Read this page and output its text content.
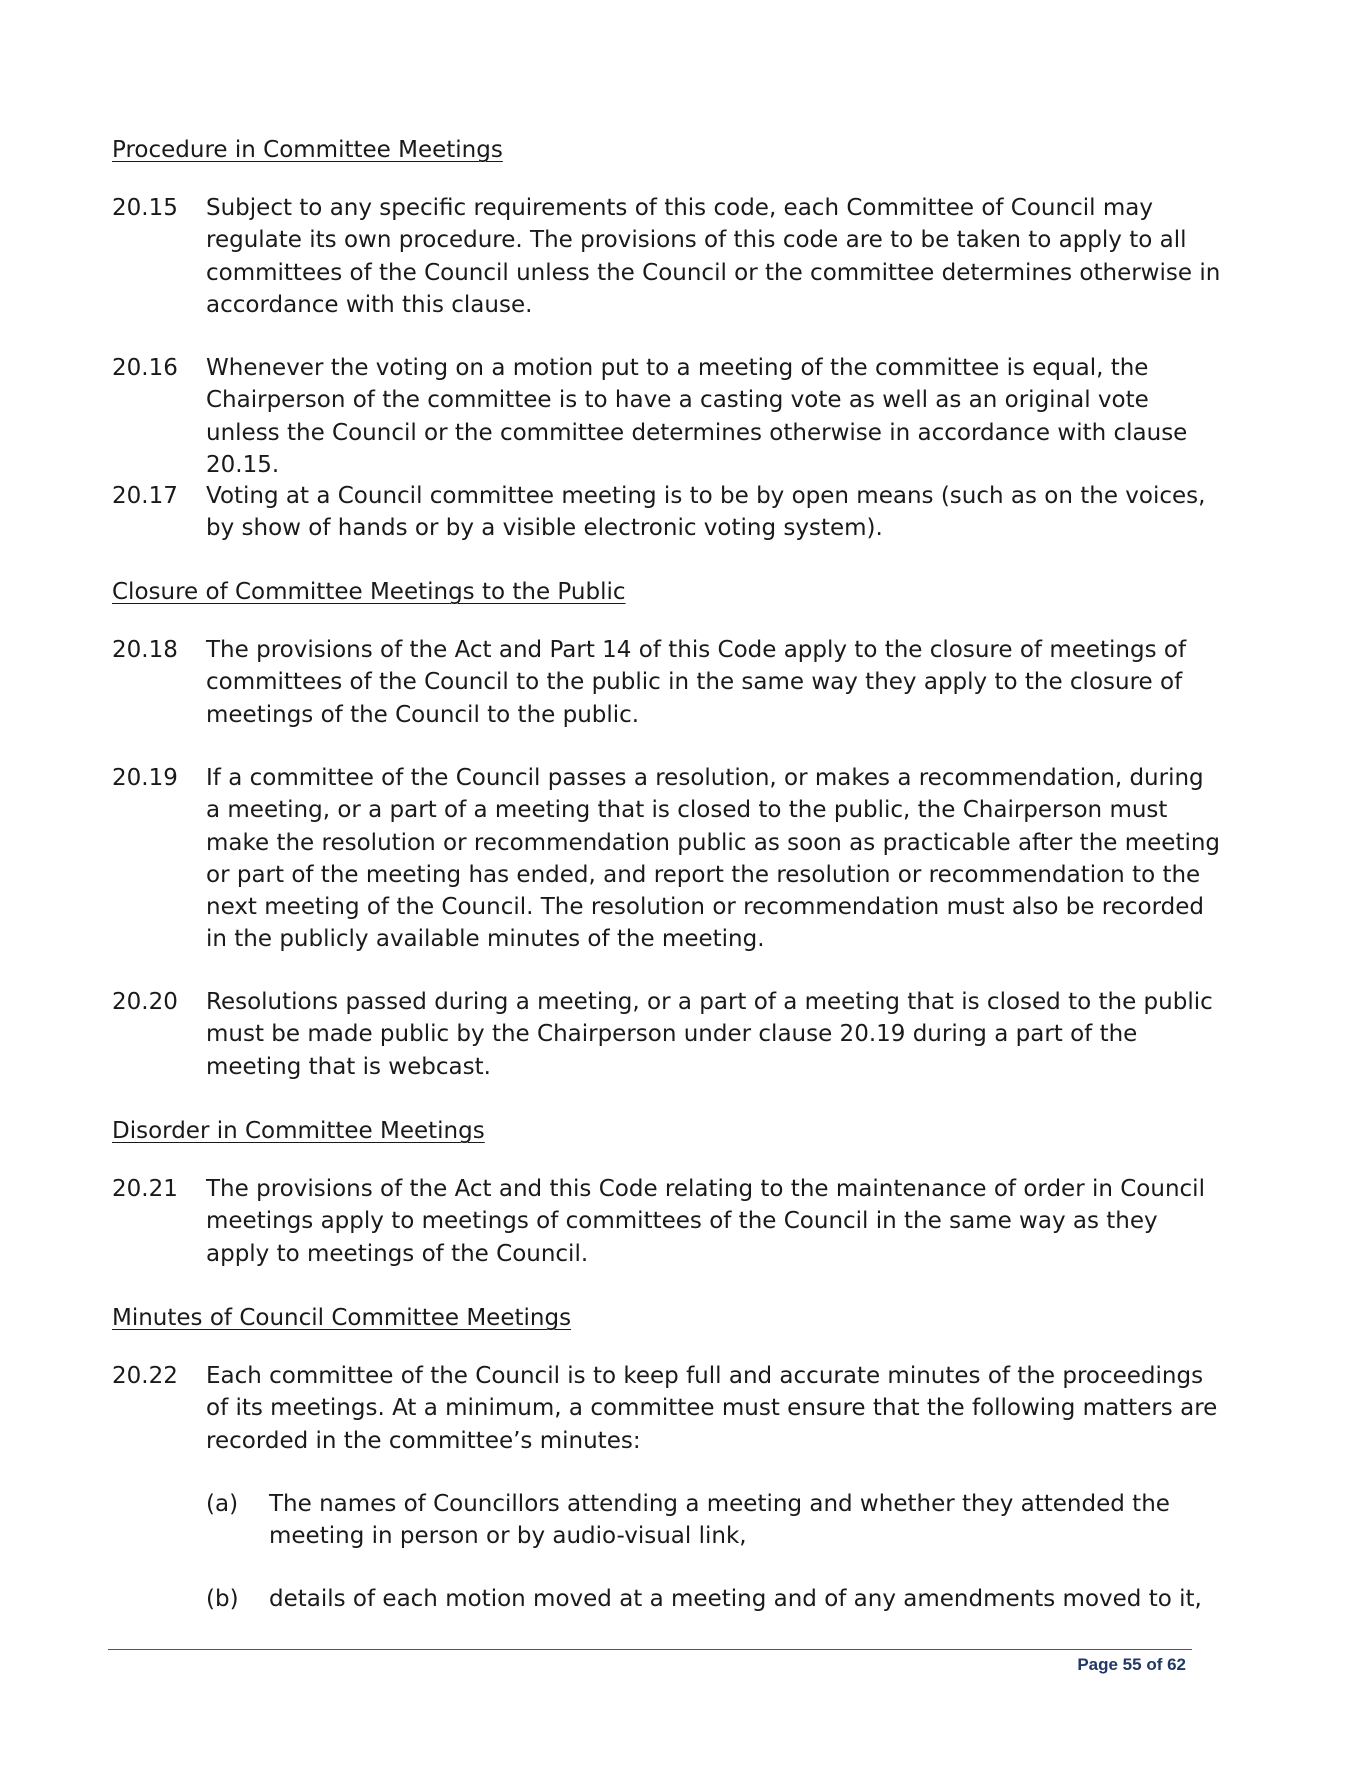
Procedure in Committee Meetings
20.15 Subject to any specific requirements of this code, each Committee of Council may regulate its own procedure. The provisions of this code are to be taken to apply to all committees of the Council unless the Council or the committee determines otherwise in accordance with this clause.
20.16 Whenever the voting on a motion put to a meeting of the committee is equal, the Chairperson of the committee is to have a casting vote as well as an original vote unless the Council or the committee determines otherwise in accordance with clause 20.15.
20.17 Voting at a Council committee meeting is to be by open means (such as on the voices, by show of hands or by a visible electronic voting system).
Closure of Committee Meetings to the Public
20.18 The provisions of the Act and Part 14 of this Code apply to the closure of meetings of committees of the Council to the public in the same way they apply to the closure of meetings of the Council to the public.
20.19 If a committee of the Council passes a resolution, or makes a recommendation, during a meeting, or a part of a meeting that is closed to the public, the Chairperson must make the resolution or recommendation public as soon as practicable after the meeting or part of the meeting has ended, and report the resolution or recommendation to the next meeting of the Council. The resolution or recommendation must also be recorded in the publicly available minutes of the meeting.
20.20 Resolutions passed during a meeting, or a part of a meeting that is closed to the public must be made public by the Chairperson under clause 20.19 during a part of the meeting that is webcast.
Disorder in Committee Meetings
20.21 The provisions of the Act and this Code relating to the maintenance of order in Council meetings apply to meetings of committees of the Council in the same way as they apply to meetings of the Council.
Minutes of Council Committee Meetings
20.22 Each committee of the Council is to keep full and accurate minutes of the proceedings of its meetings. At a minimum, a committee must ensure that the following matters are recorded in the committee’s minutes:
(a) The names of Councillors attending a meeting and whether they attended the meeting in person or by audio-visual link,
(b) details of each motion moved at a meeting and of any amendments moved to it,
Page 55 of 62
